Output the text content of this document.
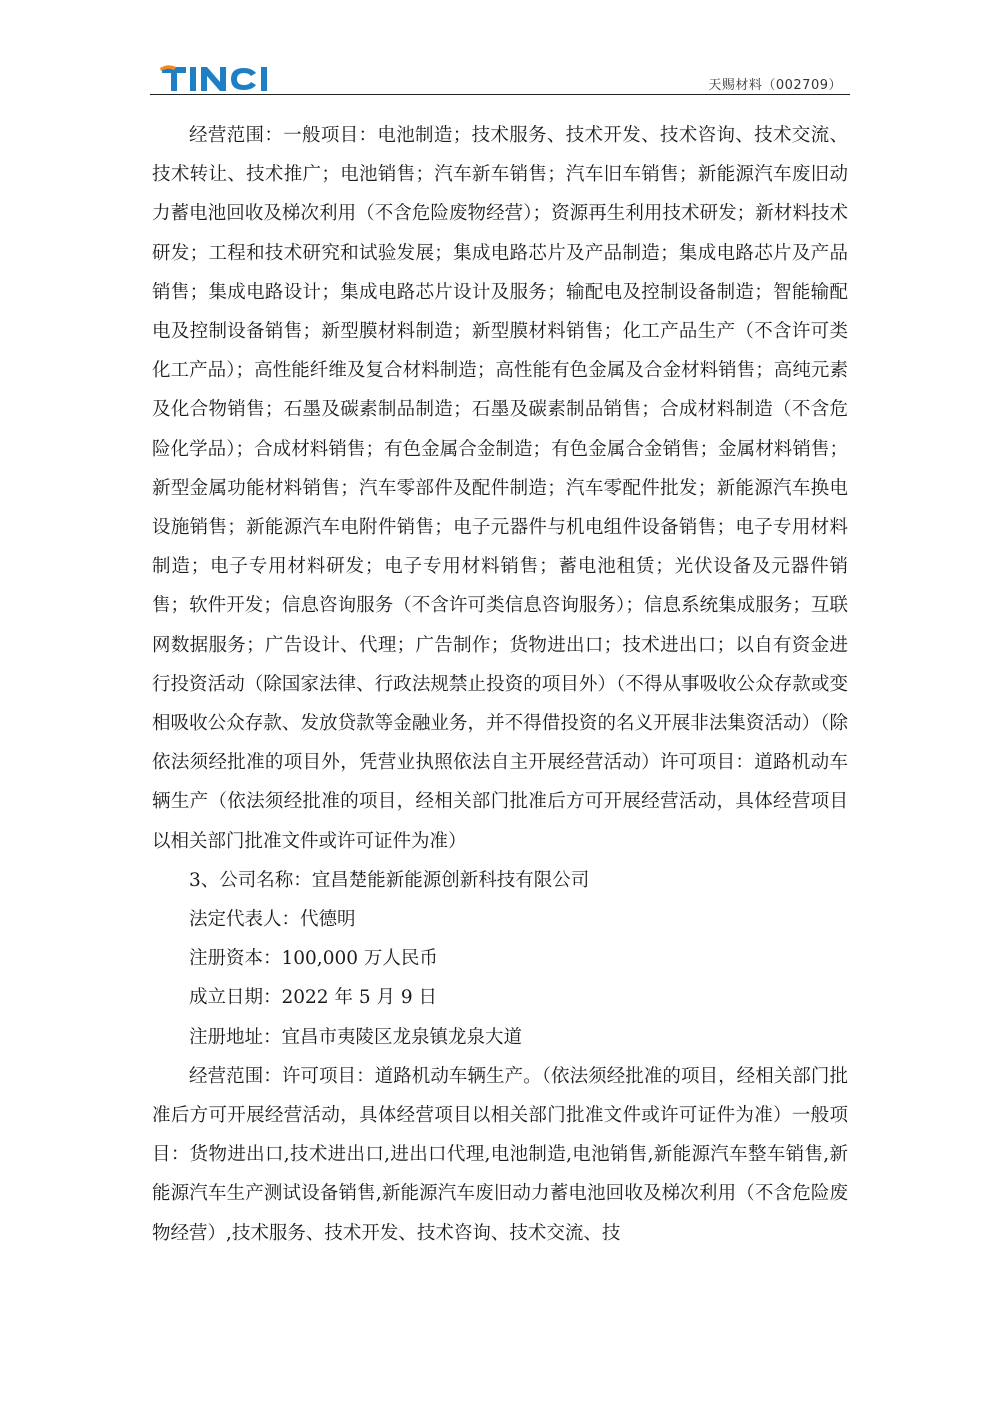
天赐材料（002709）

经营范围：一般项目：电池制造；技术服务、技术开发、技术咨询、技术交流、技术转让、技术推广；电池销售；汽车新车销售；汽车旧车销售；新能源汽车废旧动力蓄电池回收及梯次利用（不含危险废物经营）；资源再生利用技术研发；新材料技术研发；工程和技术研究和试验发展；集成电路芯片及产品制造；集成电路芯片及产品销售；集成电路设计；集成电路芯片设计及服务；输配电及控制设备制造；智能输配电及控制设备销售；新型膜材料制造；新型膜材料销售；化工产品生产（不含许可类化工产品）；高性能纤维及复合材料制造；高性能有色金属及合金材料销售；高纯元素及化合物销售；石墨及碳素制品制造；石墨及碳素制品销售；合成材料制造（不含危险化学品）；合成材料销售；有色金属合金制造；有色金属合金销售；金属材料销售；新型金属功能材料销售；汽车零部件及配件制造；汽车零配件批发；新能源汽车换电设施销售；新能源汽车电附件销售；电子元器件与机电组件设备销售；电子专用材料制造；电子专用材料研发；电子专用材料销售；蓄电池租赁；光伏设备及元器件销售；软件开发；信息咨询服务（不含许可类信息咨询服务）；信息系统集成服务；互联网数据服务；广告设计、代理；广告制作；货物进出口；技术进出口；以自有资金进行投资活动（除国家法律、行政法规禁止投资的项目外）（不得从事吸收公众存款或变相吸收公众存款、发放贷款等金融业务，并不得借投资的名义开展非法集资活动）（除依法须经批准的项目外，凭营业执照依法自主开展经营活动）许可项目：道路机动车辆生产（依法须经批准的项目，经相关部门批准后方可开展经营活动，具体经营项目以相关部门批准文件或许可证件为准）

3、公司名称：宜昌楚能新能源创新科技有限公司

法定代表人：代德明

注册资本：100,000 万人民币

成立日期：2022 年 5 月 9 日

注册地址：宜昌市夷陵区龙泉镇龙泉大道

经营范围：许可项目：道路机动车辆生产。（依法须经批准的项目，经相关部门批准后方可开展经营活动，具体经营项目以相关部门批准文件或许可证件为准）一般项目：货物进出口,技术进出口,进出口代理,电池制造,电池销售,新能源汽车整车销售,新能源汽车生产测试设备销售,新能源汽车废旧动力蓄电池回收及梯次利用（不含危险废物经营）,技术服务、技术开发、技术咨询、技术交流、技
